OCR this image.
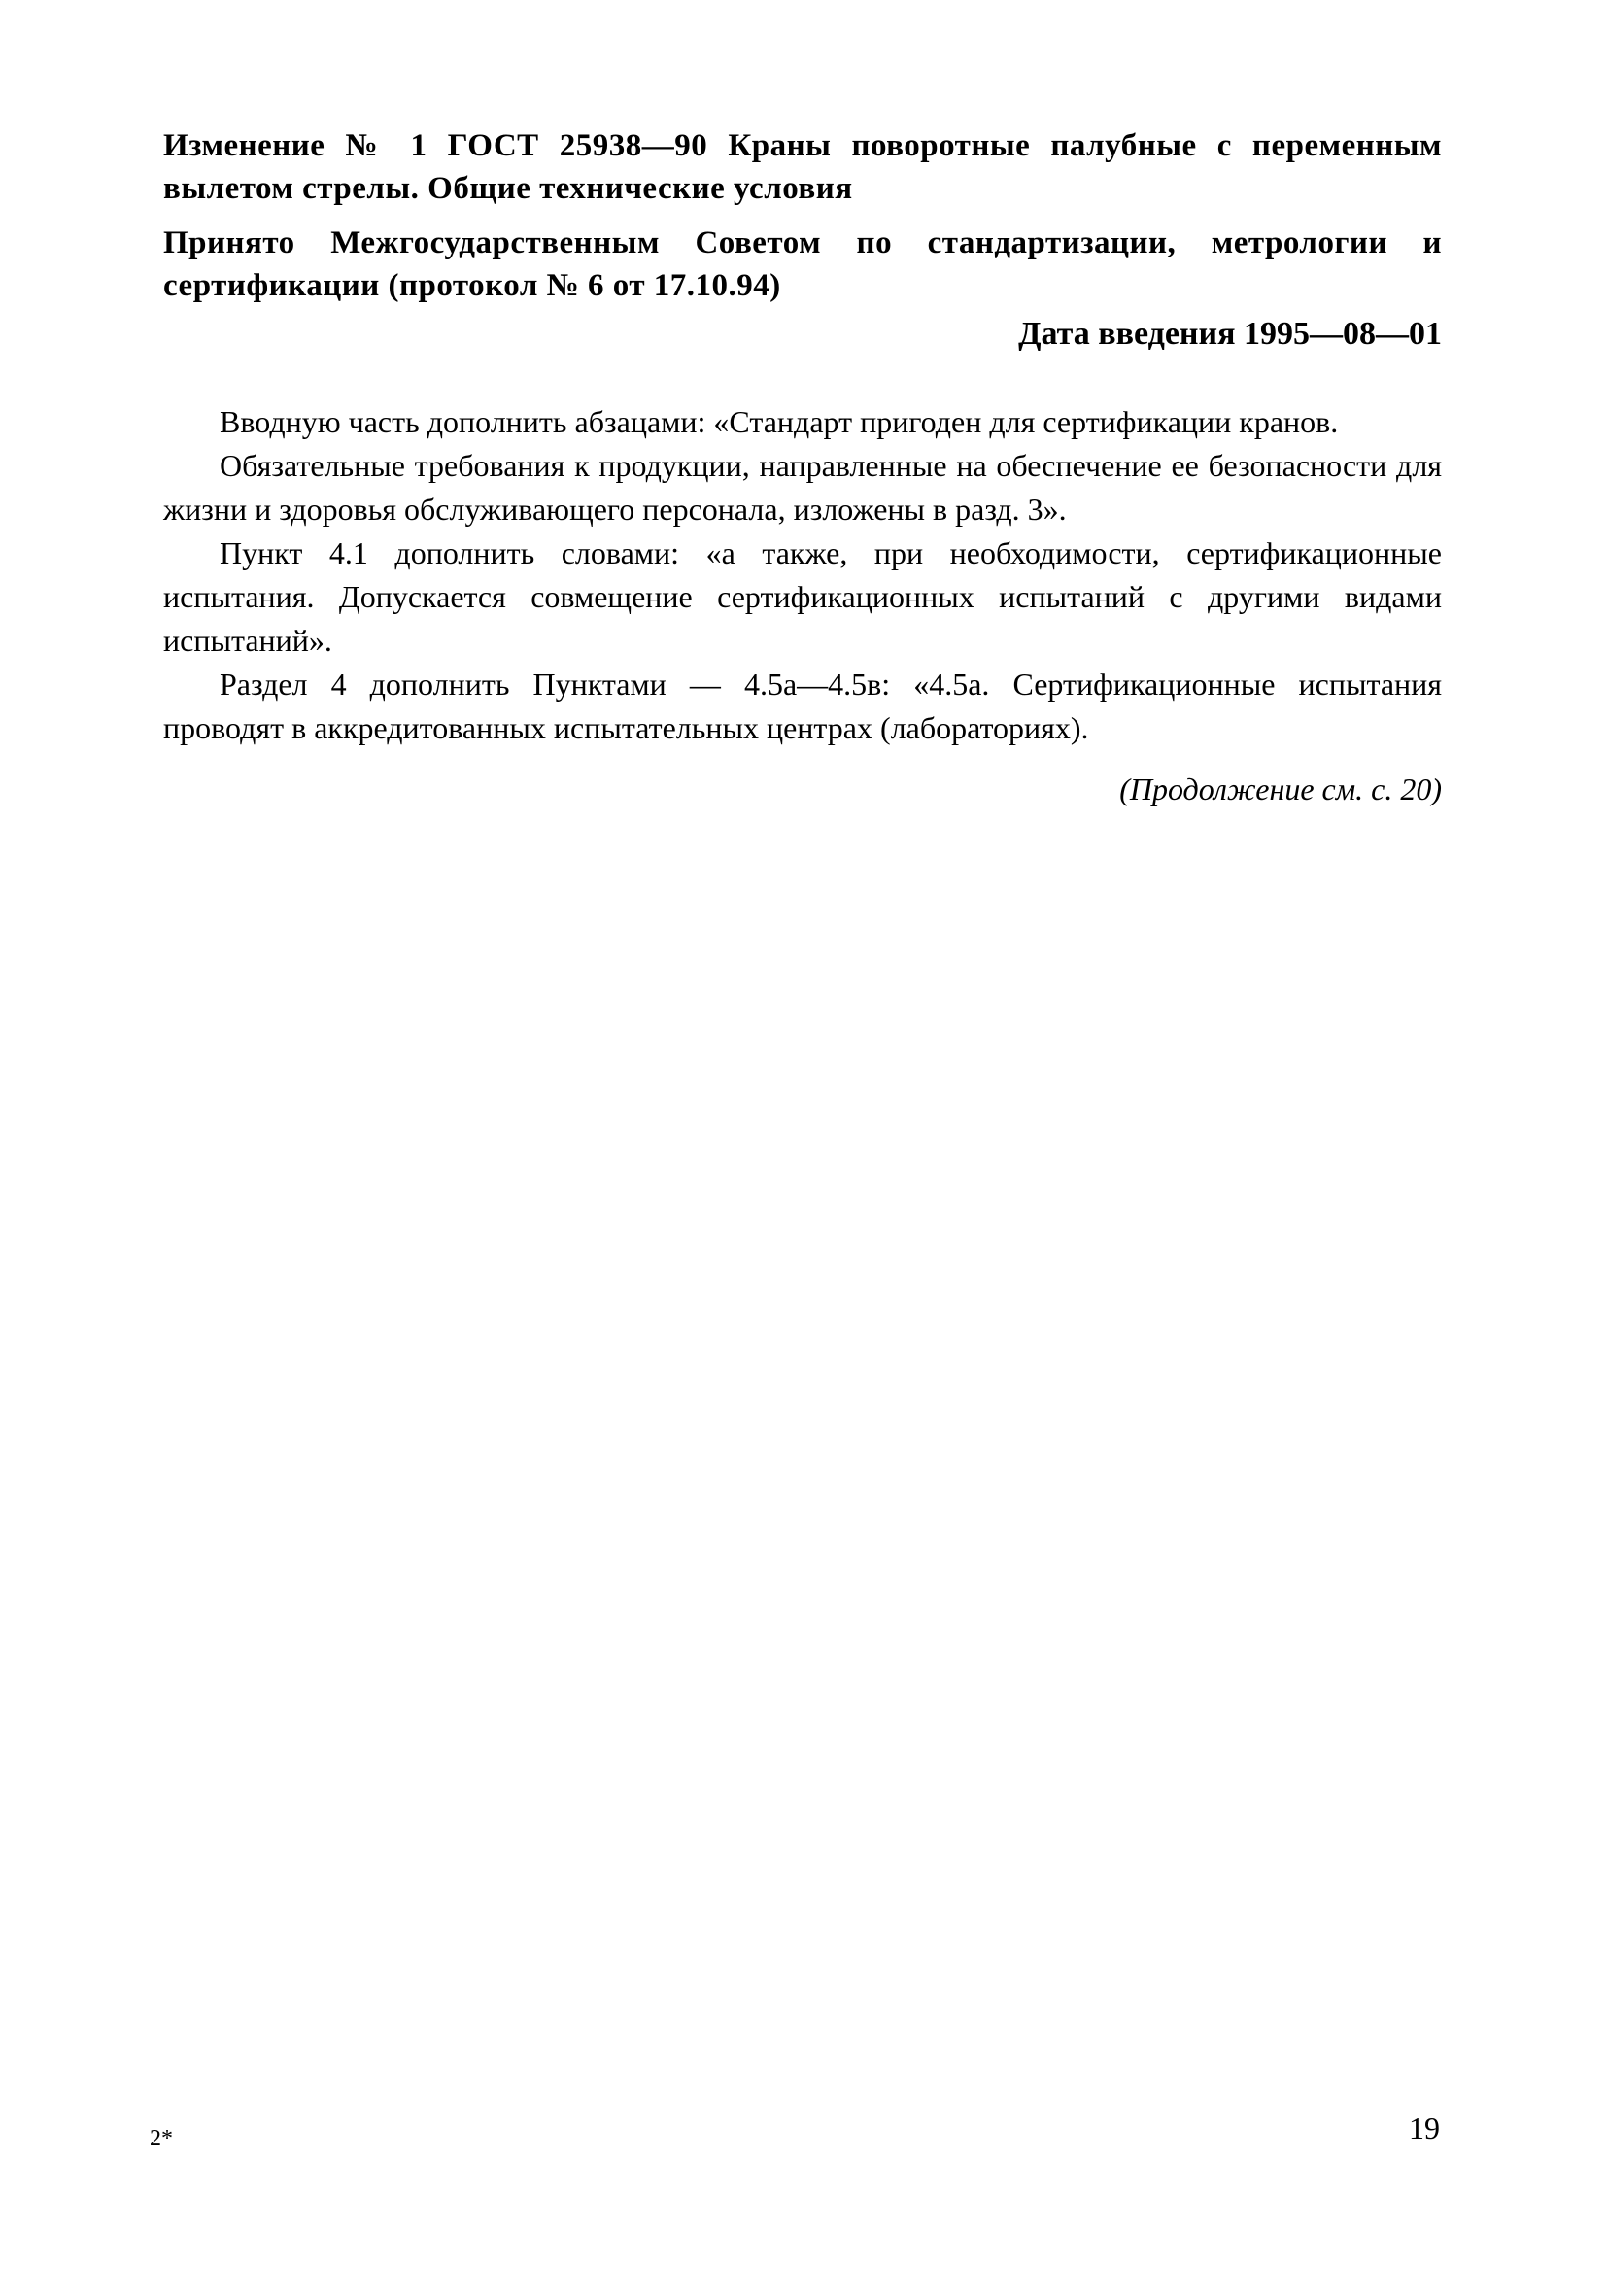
Изменение № 1 ГОСТ 25938—90 Краны поворотные палубные с переменным вылетом стрелы. Общие технические условия
Принято Межгосударственным Советом по стандартизации, метрологии и сертификации (протокол № 6 от 17.10.94)
Дата введения 1995—08—01

Вводную часть дополнить абзацами: «Стандарт пригоден для сертификации кранов.

Обязательные требования к продукции, направленные на обеспечение ее безопасности для жизни и здоровья обслуживающего персонала, изложены в разд. 3».

Пункт 4.1 дополнить словами: «а также, при необходимости, сертификационные испытания. Допускается совмещение сертификационных испытаний с другими видами испытаний».

Раздел 4 дополнить Пунктами — 4.5а—4.5в: «4.5а. Сертификационные испытания проводят в аккредитованных испытательных центрах (лабораториях).

(Продолжение см. с. 20)
2*	19
